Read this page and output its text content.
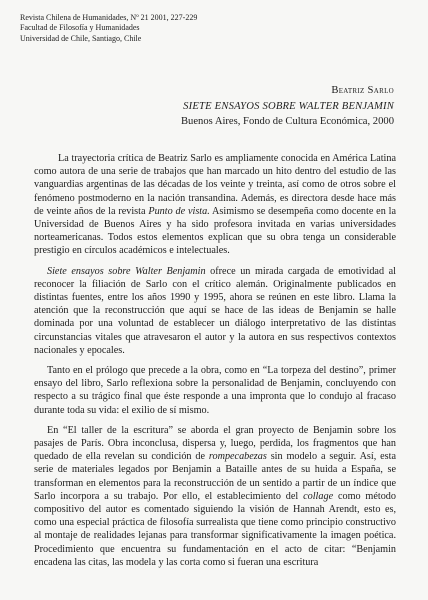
Revista Chilena de Humanidades, Nº 21 2001, 227-229
Facultad de Filosofía y Humanidades
Universidad de Chile, Santiago, Chile
Beatriz Sarlo
SIETE ENSAYOS SOBRE WALTER BENJAMIN
Buenos Aires, Fondo de Cultura Económica, 2000

La trayectoria crítica de Beatriz Sarlo es ampliamente conocida en América Latina como autora de una serie de trabajos que han marcado un hito dentro del estudio de las vanguardias argentinas de las décadas de los veinte y treinta, así como de otros sobre el fenómeno postmoderno en la nación transandina. Además, es directora desde hace más de veinte años de la revista Punto de vista. Asimismo se desempeña como docente en la Universidad de Buenos Aires y ha sido profesora invitada en varias universidades norteamericanas. Todos estos elementos explican que su obra tenga un considerable prestigio en círculos académicos e intelectuales.

Siete ensayos sobre Walter Benjamin ofrece un mirada cargada de emotividad al reconocer la filiación de Sarlo con el crítico alemán. Originalmente publicados en distintas fuentes, entre los años 1990 y 1995, ahora se reúnen en este libro. Llama la atención que la reconstrucción que aquí se hace de las ideas de Benjamin se halle dominada por una voluntad de establecer un diálogo interpretativo de las distintas circunstancias vitales que atravesaron el autor y la autora en sus respectivos contextos nacionales y epocales.

Tanto en el prólogo que precede a la obra, como en “La torpeza del destino”, primer ensayo del libro, Sarlo reflexiona sobre la personalidad de Benjamin, concluyendo con respecto a su trágico final que éste responde a una impronta que lo condujo al fracaso durante toda su vida: el exilio de sí mismo.

En “El taller de la escritura” se aborda el gran proyecto de Benjamin sobre los pasajes de París. Obra inconclusa, dispersa y, luego, perdida, los fragmentos que han quedado de ella revelan su condición de rompecabezas sin modelo a seguir. Así, esta serie de materiales legados por Benjamin a Bataille antes de su huida a España, se transforman en elementos para la reconstrucción de un sentido a partir de un índice que Sarlo incorpora a su trabajo. Por ello, el establecimiento del collage como método compositivo del autor es comentado siguiendo la visión de Hannah Arendt, esto es, como una especial práctica de filosofía surrealista que tiene como principio constructivo al montaje de realidades lejanas para transformar significativamente la imagen poética. Procedimiento que encuentra su fundamentación en el acto de citar: “Benjamin encadena las citas, las modela y las corta como si fueran una escritura
